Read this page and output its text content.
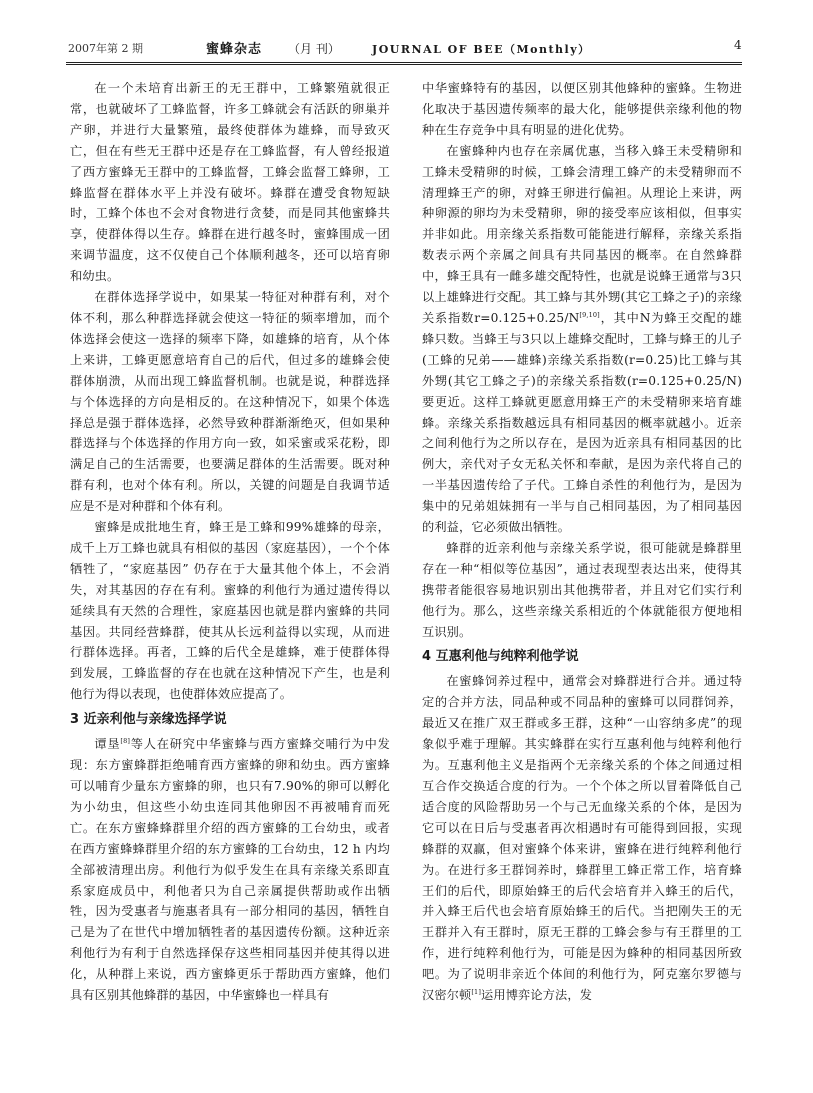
2007年第 2 期	蜜蜂杂志 （月 刊）	JOURNAL OF BEE（Monthly）	4

在一个未培育出新王的无王群中，工蜂繁殖就很正常，也就破坏了工蜂监督，许多工蜂就会有活跃的卵巢并产卵，并进行大量繁殖，最终使群体为雄蜂，而导致灭亡，但在有些无王群中还是存在工蜂监督，有人曾经报道了西方蜜蜂无王群中的工蜂监督，工蜂会监督工蜂卵，工蜂监督在群体水平上并没有破坏。蜂群在遭受食物短缺时，工蜂个体也不会对食物进行贪婪，而是同其他蜜蜂共享，使群体得以生存。蜂群在进行越冬时，蜜蜂围成一团来调节温度，这不仅使自己个体顺利越冬，还可以培育卵和幼虫。

在群体选择学说中，如果某一特征对种群有利，对个体不利，那么种群选择就会使这一特征的频率增加，而个体选择会使这一选择的频率下降，如雄蜂的培育，从个体上来讲，工蜂更愿意培育自己的后代，但过多的雄蜂会使群体崩溃，从而出现工蜂监督机制。也就是说，种群选择与个体选择的方向是相反的。在这种情况下，如果个体选择总是强于群体选择，必然导致种群渐渐绝灭，但如果种群选择与个体选择的作用方向一致，如采蜜或采花粉，即满足自己的生活需要，也要满足群体的生活需要。既对种群有利，也对个体有利。所以，关键的问题是自我调节适应是不是对种群和个体有利。

蜜蜂是成批地生育，蜂王是工蜂和99%雄蜂的母亲，成千上万工蜂也就具有相似的基因（家庭基因），一个个体牺牲了，“家庭基因” 仍存在于大量其他个体上，不会消失，对其基因的存在有利。蜜蜂的利他行为通过遗传得以延续具有天然的合理性，家庭基因也就是群内蜜蜂的共同基因。共同经营蜂群，使其从长远利益得以实现，从而进行群体选择。再者，工蜂的后代全是雄蜂，难于使群体得到发展，工蜂监督的存在也就在这种情况下产生，也是利他行为得以表现，也使群体效应提高了。

3 近亲利他与亲缘选择学说

谭垦[8]等人在研究中华蜜蜂与西方蜜蜂交哺行为中发现：东方蜜蜂群拒绝哺育西方蜜蜂的卵和幼虫。西方蜜蜂可以哺育少量东方蜜蜂的卵，也只有7.90%的卵可以孵化为小幼虫，但这些小幼虫连同其他卵因不再被哺育而死亡。在东方蜜蜂蜂群里介绍的西方蜜蜂的工台幼虫，或者在西方蜜蜂蜂群里介绍的东方蜜蜂的工台幼虫，12 h 内均全部被清理出房。利他行为似乎发生在具有亲缘关系即直系家庭成员中，利他者只为自己亲属提供帮助或作出牺牲，因为受惠者与施惠者具有一部分相同的基因，牺牲自己是为了在世代中增加牺牲者的基因遗传份额。这种近亲利他行为有利于自然选择保存这些相同基因并使其得以进化，从种群上来说，西方蜜蜂更乐于帮助西方蜜蜂，他们具有区别其他蜂群的基因，中华蜜蜂也一样具有

中华蜜蜂特有的基因，以便区别其他蜂种的蜜蜂。生物进化取决于基因遗传频率的最大化，能够提供亲缘利他的物种在生存竞争中具有明显的进化优势。

在蜜蜂种内也存在亲属优惠，当移入蜂王未受精卵和工蜂未受精卵的时候，工蜂会清理工蜂产的未受精卵而不清理蜂王产的卵，对蜂王卵进行偏袒。从理论上来讲，两种卵源的卵均为未受精卵，卵的接受率应该相似，但事实并非如此。用亲缘关系指数可能能进行解释，亲缘关系指数表示两个亲属之间具有共同基因的概率。在自然蜂群中，蜂王具有一雌多雄交配特性，也就是说蜂王通常与3只以上雄蜂进行交配。其工蜂与其外甥(其它工蜂之子)的亲缘关系指数r=0.125+0.25/N[9,10]，其中N为蜂王交配的雄蜂只数。当蜂王与3只以上雄蜂交配时，工蜂与蜂王的儿子(工蜂的兄弟——雄蜂)亲缘关系指数(r=0.25)比工蜂与其外甥(其它工蜂之子)的亲缘关系指数(r=0.125+0.25/N)要更近。这样工蜂就更愿意用蜂王产的未受精卵来培育雄蜂。亲缘关系指数越远具有相同基因的概率就越小。近亲之间利他行为之所以存在，是因为近亲具有相同基因的比例大，亲代对子女无私关怀和奉献，是因为亲代将自己的一半基因遗传给了子代。工蜂自杀性的利他行为，是因为集中的兄弟姐妹拥有一半与自己相同基因，为了相同基因的利益，它必须做出牺牲。

蜂群的近亲利他与亲缘关系学说，很可能就是蜂群里存在一种“相似等位基因”，通过表现型表达出来，使得其携带者能很容易地识别出其他携带者，并且对它们实行利他行为。那么，这些亲缘关系相近的个体就能很方便地相互识别。

4 互惠利他与纯粹利他学说

在蜜蜂饲养过程中，通常会对蜂群进行合并。通过特定的合并方法，同品种或不同品种的蜜蜂可以同群饲养，最近又在推广双王群或多王群，这种“一山容纳多虎”的现象似乎难于理解。其实蜂群在实行互惠利他与纯粹利他行为。互惠利他主义是指两个无亲缘关系的个体之间通过相互合作交换适合度的行为。一个个体之所以冒着降低自己适合度的风险帮助另一个与己无血缘关系的个体，是因为它可以在日后与受惠者再次相遇时有可能得到回报，实现蜂群的双赢，但对蜜蜂个体来讲，蜜蜂在进行纯粹利他行为。在进行多王群饲养时，蜂群里工蜂正常工作，培育蜂王们的后代，即原始蜂王的后代会培育并入蜂王的后代，并入蜂王后代也会培育原始蜂王的后代。当把刚失王的无王群并入有王群时，原无王群的工蜂会参与有王群里的工作，进行纯粹利他行为，可能是因为蜂种的相同基因所致吧。为了说明非亲近个体间的利他行为，阿克塞尔罗德与汉密尔顿[1]运用博弈论方法，发
